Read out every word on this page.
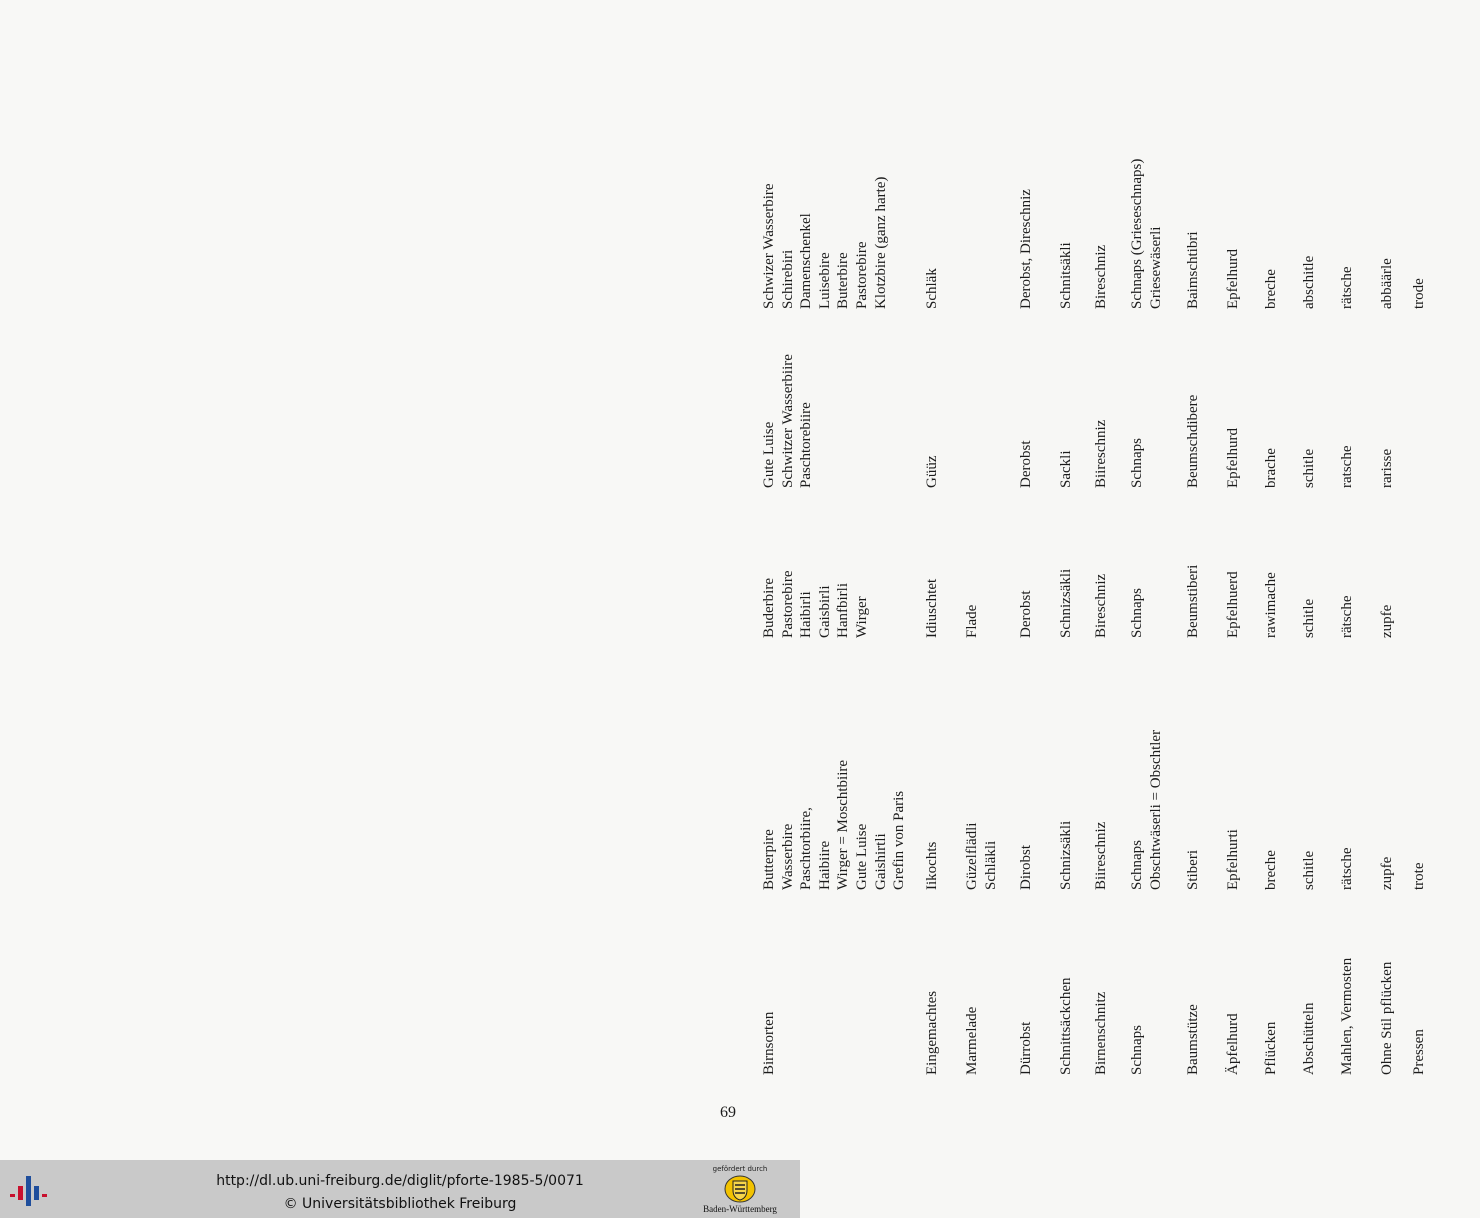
Birnsorten
Butterpire Wasserbire Paschtorbiire, Haibiire Wirger = Moschtbiire Gute Luise Gaishirtli Grefin von Paris
Buderbire Pastorebire Haibirli Gaisbirli Hanfbirli Wirger
Gute Luise Schwitzer Wasserbiire Paschtorebiire
Schwizer Wasserbire Schirebiri Damenschenkel Luisebire Buterbire Pastorebire Klotzbire (ganz harte)
Eingemachtes
Iikochts
Idiuschtet
Güüz
Schläk
Marmelade
Güzelflädli Schläkli
Flade
Dürrobst
Dirobst
Derobst
Derobst
Derobst, Direschniz
Schnittsäckchen
Schnizsäkli
Schnizsäkli
Sackli
Schnitsäkli
Birnenschnitz
Biireschniz
Bireschniz
Biireschniz
Bireschniz
Schnaps
Schnaps Obschtwäserli = Obschtler
Schnaps
Schnaps
Schnaps (Grieseschnaps) Griesewäserli
Baumstütze
Stiberi
Beumstiberi
Beumschdibere
Baimschtibri
Äpfelhurd
Epfelhurti
Epfelhuerd
Epfelhurd
Epfelhurd
Pflücken
breche
rawimache
brache
breche
Abschütteln
schitle
schitle
schitle
abschitle
Mahlen, Vermosten
rätsche
rätsche
ratsche
rätsche
Ohne Stil pflücken
zupfe
zupfe
rarisse
abbäärle
Pressen
trote
trode
69
http://dl.ub.uni-freiburg.de/diglit/pforte-1985-5/0071
© Universitätsbibliothek Freiburg
gefördert durch
Baden-Württemberg
